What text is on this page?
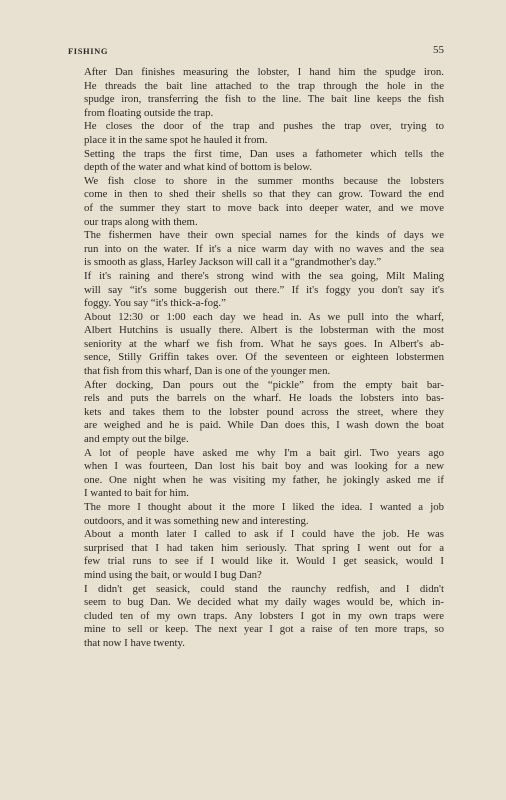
FISHING	55

After Dan finishes measuring the lobster, I hand him the spudge iron.
He threads the bait line attached to the trap through the hole in the
spudge iron, transferring the fish to the line. The bait line keeps the fish
from floating outside the trap.

He closes the door of the trap and pushes the trap over, trying to
place it in the same spot he hauled it from.

Setting the traps the first time, Dan uses a fathometer which tells the
depth of the water and what kind of bottom is below.

We fish close to shore in the summer months because the lobsters
come in then to shed their shells so that they can grow. Toward the end
of the summer they start to move back into deeper water, and we move
our traps along with them.

The fishermen have their own special names for the kinds of days we
run into on the water. If it's a nice warm day with no waves and the sea
is smooth as glass, Harley Jackson will call it a “grandmother's day.”

If it's raining and there's strong wind with the sea going, Milt Maling
will say “it's some buggerish out there.” If it's foggy you don't say it's
foggy. You say “it's thick-a-fog.”

About 12:30 or 1:00 each day we head in. As we pull into the wharf,
Albert Hutchins is usually there. Albert is the lobsterman with the most
seniority at the wharf we fish from. What he says goes. In Albert's ab-
sence, Stilly Griffin takes over. Of the seventeen or eighteen lobstermen
that fish from this wharf, Dan is one of the younger men.

After docking, Dan pours out the “pickle” from the empty bait bar-
rels and puts the barrels on the wharf. He loads the lobsters into bas-
kets and takes them to the lobster pound across the street, where they
are weighed and he is paid. While Dan does this, I wash down the boat
and empty out the bilge.

A lot of people have asked me why I'm a bait girl. Two years ago
when I was fourteen, Dan lost his bait boy and was looking for a new
one. One night when he was visiting my father, he jokingly asked me if
I wanted to bait for him.

The more I thought about it the more I liked the idea. I wanted a job
outdoors, and it was something new and interesting.

About a month later I called to ask if I could have the job. He was
surprised that I had taken him seriously. That spring I went out for a
few trial runs to see if I would like it. Would I get seasick, would I
mind using the bait, or would I bug Dan?

I didn't get seasick, could stand the raunchy redfish, and I didn't
seem to bug Dan. We decided what my daily wages would be, which in-
cluded ten of my own traps. Any lobsters I got in my own traps were
mine to sell or keep. The next year I got a raise of ten more traps, so
that now I have twenty.
